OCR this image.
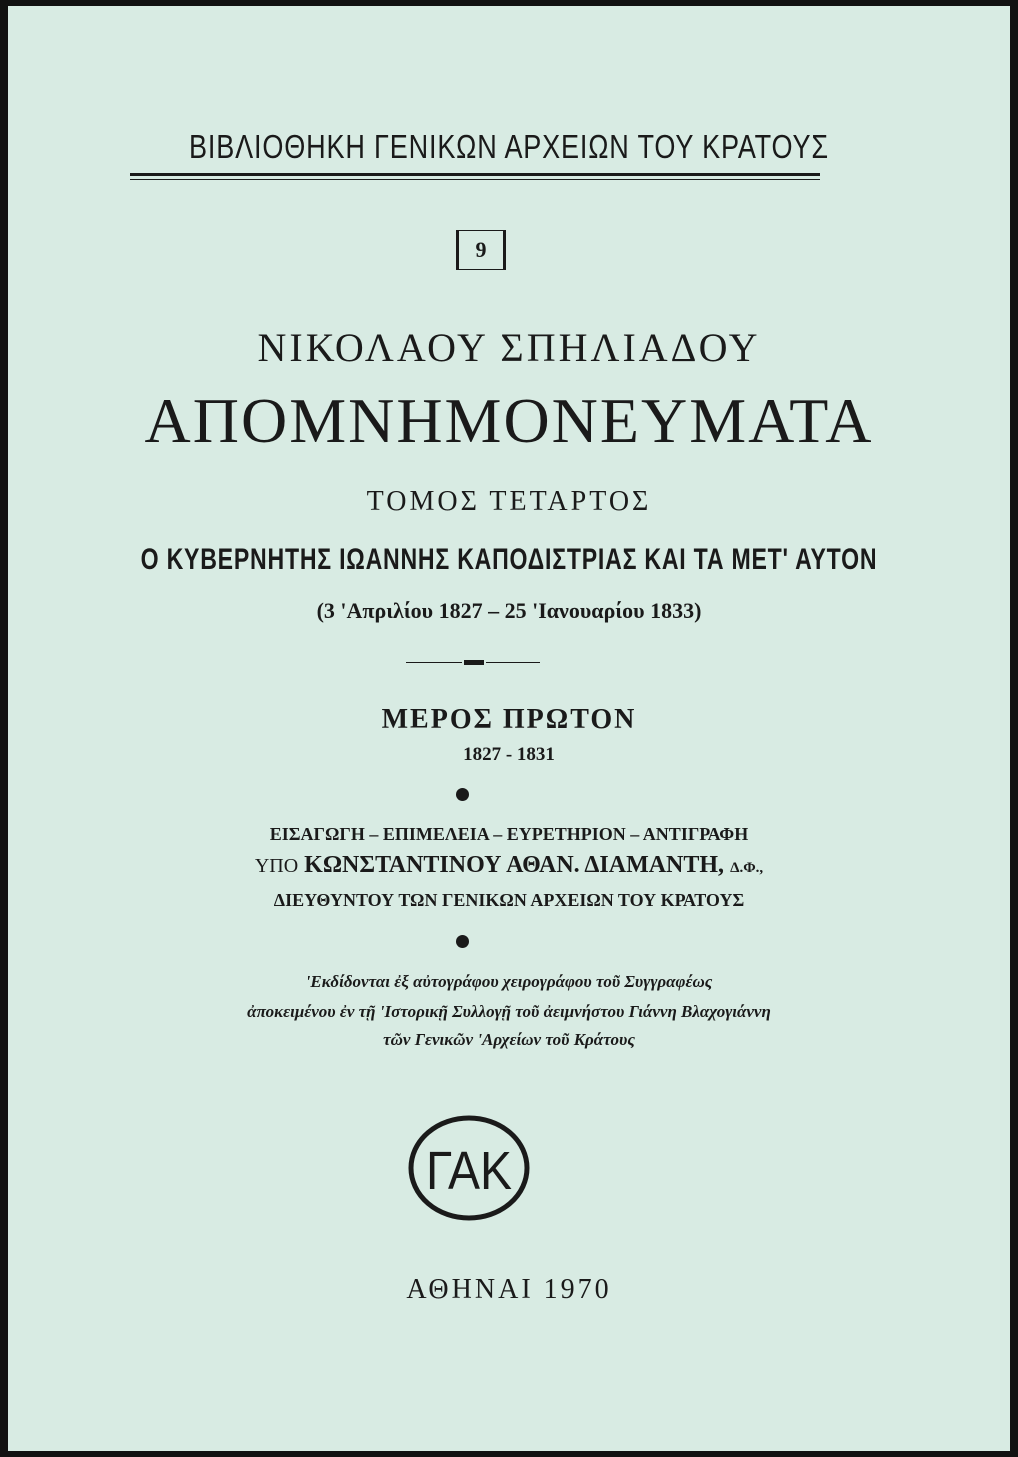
ΒΙΒΛΙΟΘΗΚΗ ΓΕΝΙΚΩΝ ΑΡΧΕΙΩΝ ΤΟΥ ΚΡΑΤΟΥΣ
9
ΝΙΚΟΛΑΟΥ ΣΠΗΛΙΑΔΟΥ
ΑΠΟΜΝΗΜΟΝΕΥΜΑΤΑ
ΤΟΜΟΣ ΤΕΤΑΡΤΟΣ
Ο ΚΥΒΕΡΝΗΤΗΣ ΙΩΑΝΝΗΣ ΚΑΠΟΔΙΣΤΡΙΑΣ ΚΑΙ ΤΑ ΜΕΤ' ΑΥΤΟΝ
(3 'Απριλίου 1827 – 25 'Ιανουαρίου 1833)
ΜΕΡΟΣ ΠΡΩΤΟΝ
1827 - 1831
ΕΙΣΑΓΩΓΗ – ΕΠΙΜΕΛΕΙΑ – ΕΥΡΕΤΗΡΙΟΝ – ΑΝΤΙΓΡΑΦΗ
ΥΠΟ ΚΩΝΣΤΑΝΤΙΝΟΥ ΑΘΑΝ. ΔΙΑΜΑΝΤΗ, Δ.Φ.,
ΔΙΕΥΘΥΝΤΟΥ ΤΩΝ ΓΕΝΙΚΩΝ ΑΡΧΕΙΩΝ ΤΟΥ ΚΡΑΤΟΥΣ
'Εκδίδονται ἐξ αὐτογράφου χειρογράφου τοῦ Συγγραφέως
ἀποκειμένου ἐν τῇ 'Ιστορικῇ Συλλογῇ τοῦ ἀειμνήστου Γιάννη Βλαχογιάννη
τῶν Γενικῶν 'Αρχείων τοῦ Κράτους
ΓΑΚ
ΑΘΗΝΑΙ 1970
